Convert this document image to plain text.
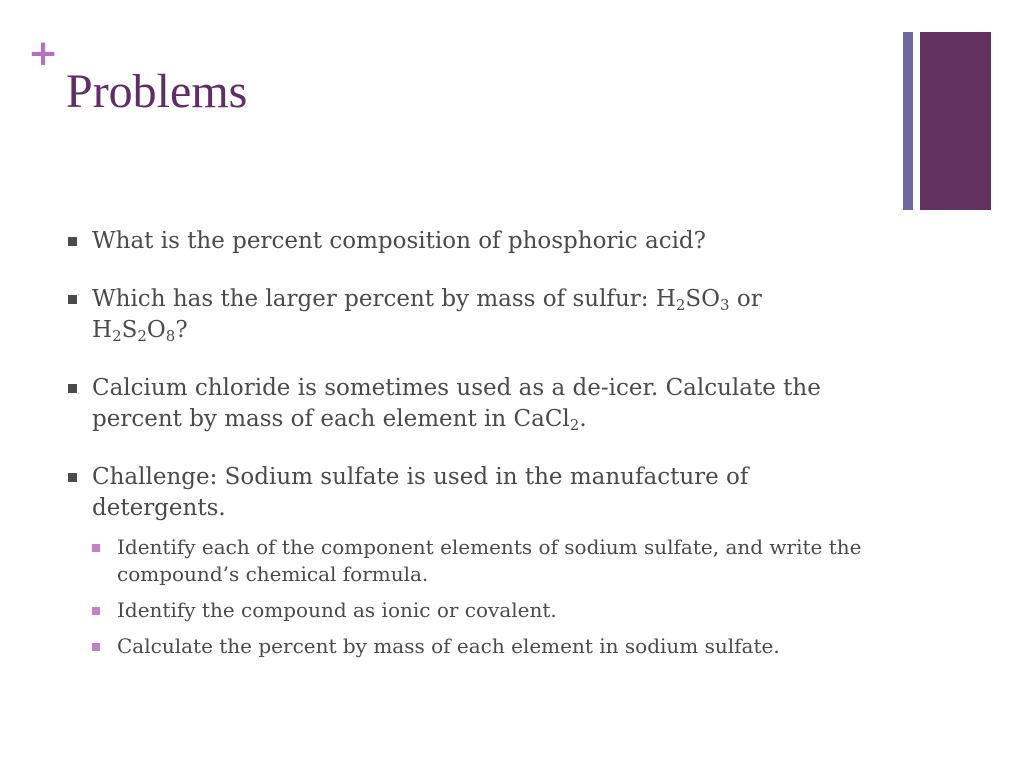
+
Problems
What is the percent composition of phosphoric acid?
Which has the larger percent by mass of sulfur: $H_2SO_3$ or
$H_2S_2O_8$?
Calcium chloride is sometimes used as a de-icer. Calculate the percent by mass of each element in CaCl$_2$.
Challenge: Sodium sulfate is used in the manufacture of detergents.
Identify each of the component elements of sodium sulfate, and write the compound’s chemical formula.
Identify the compound as ionic or covalent.
Calculate the percent by mass of each element in sodium sulfate.
